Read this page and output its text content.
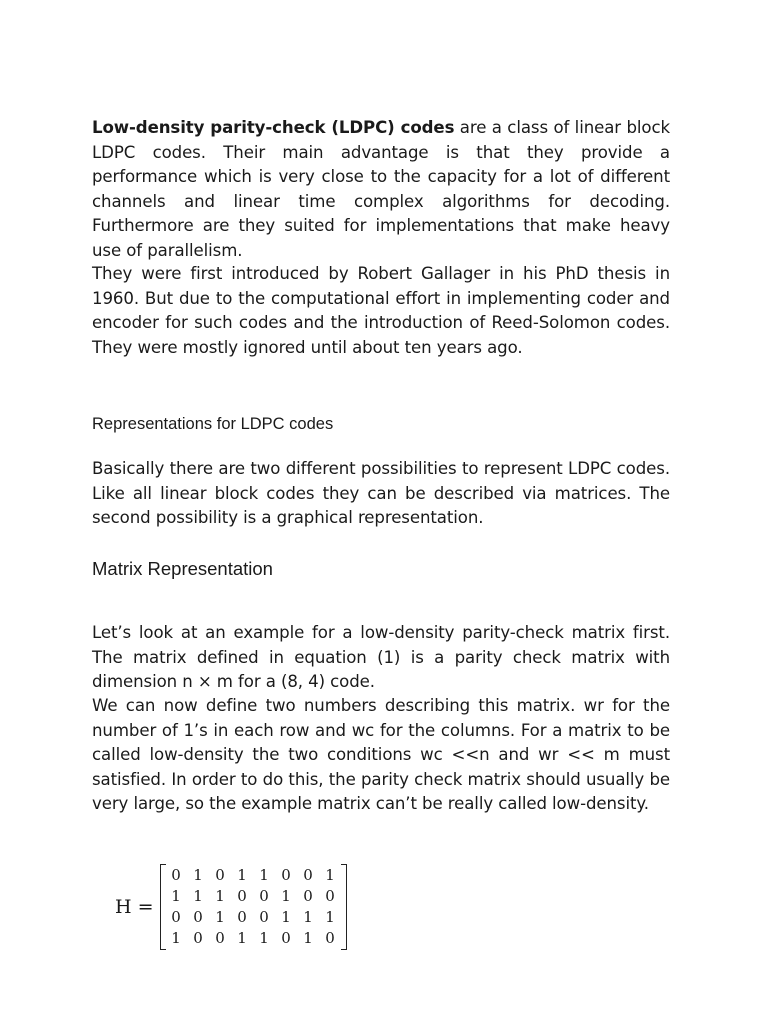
Low-density parity-check (LDPC) codes are a class of linear block LDPC codes. Their main advantage is that they provide a performance which is very close to the capacity for a lot of different channels and linear time complex algorithms for decoding. Furthermore are they suited for implementations that make heavy use of parallelism.

They were first introduced by Robert Gallager in his PhD thesis in 1960. But due to the computational effort in implementing coder and encoder for such codes and the introduction of Reed-Solomon codes. They were mostly ignored until about ten years ago.

Representations for LDPC codes

Basically there are two different possibilities to represent LDPC codes. Like all linear block codes they can be described via matrices. The second possibility is a graphical representation.

Matrix Representation

Let’s look at an example for a low-density parity-check matrix first. The matrix defined in equation (1) is a parity check matrix with dimension n × m for a (8, 4) code.

We can now define two numbers describing this matrix. wr for the number of 1’s in each row and wc for the columns. For a matrix to be called low-density the two conditions wc <<n and wr << m must satisfied. In order to do this, the parity check matrix should usually be very large, so the example matrix can’t be really called low-density.

H =
0 1 0 1 1 0 0 1
1 1 1 0 0 1 0 0
0 0 1 0 0 1 1 1
1 0 0 1 1 0 1 0
